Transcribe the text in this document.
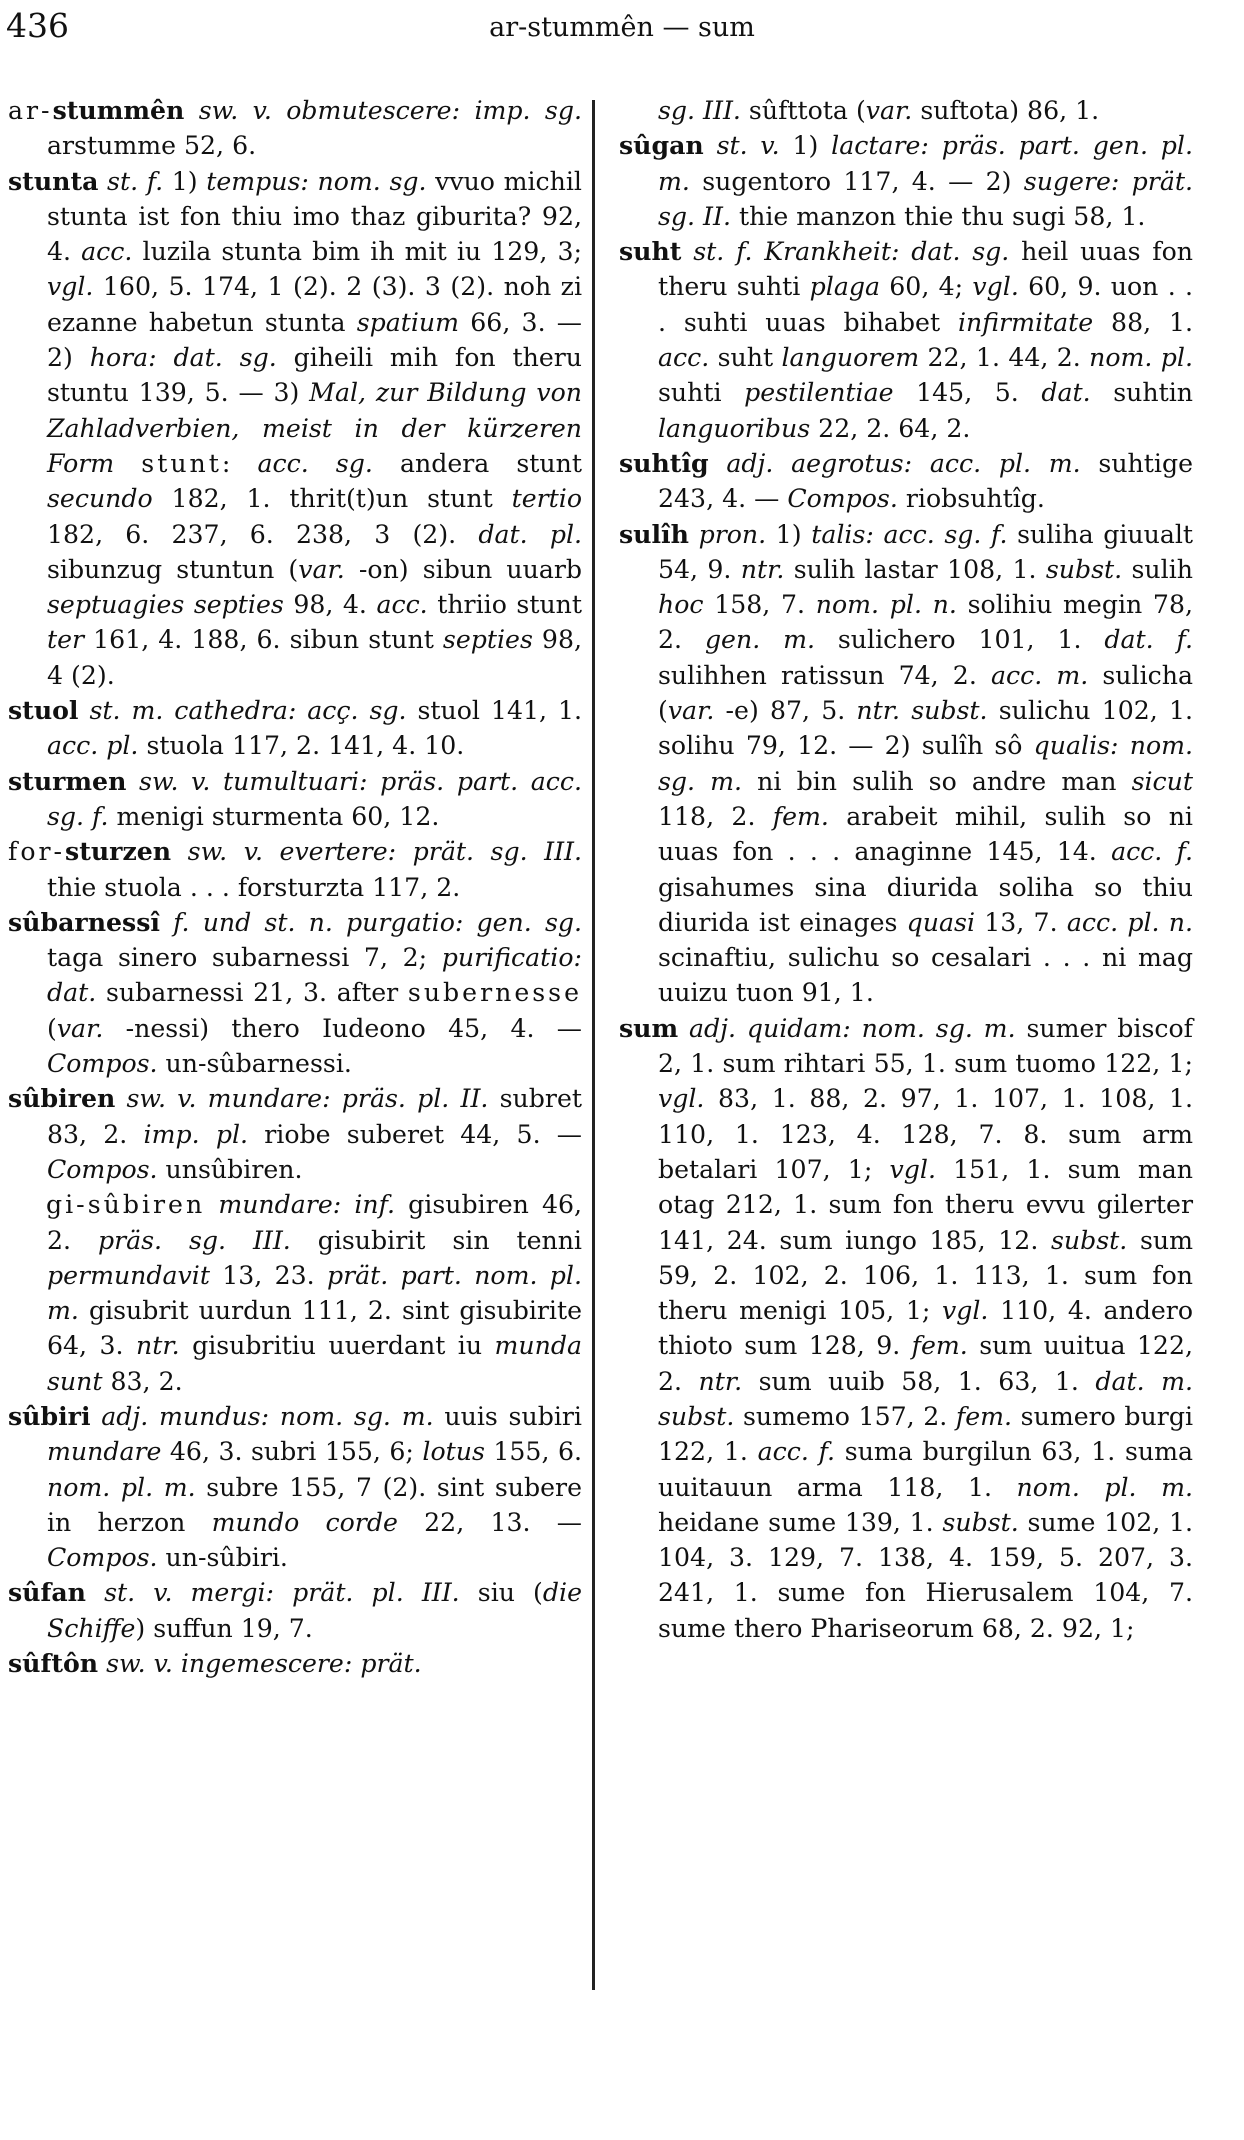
436	ar-stummên — sum

ar-stummên sw. v. obmutescere: imp. sg. arstumme 52, 6.

stunta st. f. 1) tempus: nom. sg. vvuo michil stunta ist fon thiu imo thaz giburita? 92, 4. acc. luzila stunta bim ih mit iu 129, 3; vgl. 160, 5. 174, 1 (2). 2 (3). 3 (2). noh zi ezanne habetun stunta spatium 66, 3. — 2) hora: dat. sg. giheili mih fon theru stuntu 139, 5. — 3) Mal, zur Bildung von Zahladverbien, meist in der kürzeren Form stunt: acc. sg. andera stunt secundo 182, 1. thrit(t)un stunt tertio 182, 6. 237, 6. 238, 3 (2). dat. pl. sibunzug stuntun (var. -on) sibun uuarb septuagies septies 98, 4. acc. thriio stunt ter 161, 4. 188, 6. sibun stunt septies 98, 4 (2).

stuol st. m. cathedra: acç. sg. stuol 141, 1. acc. pl. stuola 117, 2. 141, 4. 10.

sturmen sw. v. tumultuari: präs. part. acc. sg. f. menigi sturmenta 60, 12.

for-sturzen sw. v. evertere: prät. sg. III. thie stuola . . . forsturzta 117, 2.

sûbarnessî f. und st. n. purgatio: gen. sg. taga sinero subarnessi 7, 2; purificatio: dat. subarnessi 21, 3. after subernesse (var. -nessi) thero Iudeono 45, 4. — Compos. un-sûbarnessi.

sûbiren sw. v. mundare: präs. pl. II. subret 83, 2. imp. pl. riobe suberet 44, 5. — Compos. unsûbiren.

gi-sûbiren mundare: inf. gisubiren 46, 2. präs. sg. III. gisubirit sin tenni permundavit 13, 23. prät. part. nom. pl. m. gisubrit uurdun 111, 2. sint gisubirite 64, 3. ntr. gisubritiu uuerdant iu munda sunt 83, 2.

sûbiri adj. mundus: nom. sg. m. uuis subiri mundare 46, 3. subri 155, 6; lotus 155, 6. nom. pl. m. subre 155, 7 (2). sint subere in herzon mundo corde 22, 13. — Compos. un-sûbiri.

sûfan st. v. mergi: prät. pl. III. siu (die Schiffe) suffun 19, 7.

sûftôn sw. v. ingemescere: prät.

sg. III. sûfttota (var. suftota) 86, 1.

sûgan st. v. 1) lactare: präs. part. gen. pl. m. sugentoro 117, 4. — 2) sugere: prät. sg. II. thie manzon thie thu sugi 58, 1.

suht st. f. Krankheit: dat. sg. heil uuas fon theru suhti plaga 60, 4; vgl. 60, 9. uon . . . suhti uuas bihabet infirmitate 88, 1. acc. suht languorem 22, 1. 44, 2. nom. pl. suhti pestilentiae 145, 5. dat. suhtin languoribus 22, 2. 64, 2.

suhtîg adj. aegrotus: acc. pl. m. suhtige 243, 4. — Compos. riobsuhtîg.

sulîh pron. 1) talis: acc. sg. f. suliha giuualt 54, 9. ntr. sulih lastar 108, 1. subst. sulih hoc 158, 7. nom. pl. n. solihiu megin 78, 2. gen. m. sulichero 101, 1. dat. f. sulihhen ratissun 74, 2. acc. m. sulicha (var. -e) 87, 5. ntr. subst. sulichu 102, 1. solihu 79, 12. — 2) sulîh sô qualis: nom. sg. m. ni bin sulih so andre man sicut 118, 2. fem. arabeit mihil, sulih so ni uuas fon . . . anaginne 145, 14. acc. f. gisahumes sina diurida soliha so thiu diurida ist einages quasi 13, 7. acc. pl. n. scinaftiu, sulichu so cesalari . . . ni mag uuizu tuon 91, 1.

sum adj. quidam: nom. sg. m. sumer biscof 2, 1. sum rihtari 55, 1. sum tuomo 122, 1; vgl. 83, 1. 88, 2. 97, 1. 107, 1. 108, 1. 110, 1. 123, 4. 128, 7. 8. sum arm betalari 107, 1; vgl. 151, 1. sum man otag 212, 1. sum fon theru evvu gilerter 141, 24. sum iungo 185, 12. subst. sum 59, 2. 102, 2. 106, 1. 113, 1. sum fon theru menigi 105, 1; vgl. 110, 4. andero thioto sum 128, 9. fem. sum uuitua 122, 2. ntr. sum uuib 58, 1. 63, 1. dat. m. subst. sumemo 157, 2. fem. sumero burgi 122, 1. acc. f. suma burgilun 63, 1. suma uuitauun arma 118, 1. nom. pl. m. heidane sume 139, 1. subst. sume 102, 1. 104, 3. 129, 7. 138, 4. 159, 5. 207, 3. 241, 1. sume fon Hierusalem 104, 7. sume thero Phariseorum 68, 2. 92, 1;
